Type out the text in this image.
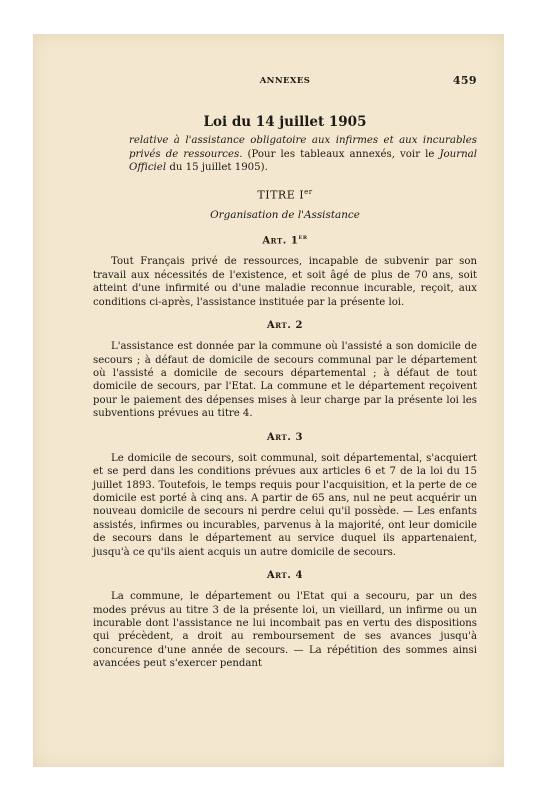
ANNEXES	459
Loi du 14 juillet 1905
relative à l'assistance obligatoire aux infirmes et aux incurables privés de ressources. (Pour les tableaux annexés, voir le Journal Officiel du 15 juillet 1905).
TITRE Ier
Organisation de l'Assistance
Art. 1er

Tout Français privé de ressources, incapable de subvenir par son travail aux nécessités de l'existence, et soit âgé de plus de 70 ans, soit atteint d'une infirmité ou d'une maladie reconnue incurable, reçoit, aux conditions ci-après, l'assistance instituée par la présente loi.

Art. 2

L'assistance est donnée par la commune où l'assisté a son domicile de secours ; à défaut de domicile de secours communal par le département où l'assisté a domicile de secours départemental ; à défaut de tout domicile de secours, par l'Etat. La commune et le département reçoivent pour le paiement des dépenses mises à leur charge par la présente loi les subventions prévues au titre 4.

Art. 3

Le domicile de secours, soit communal, soit départemental, s'acquiert et se perd dans les conditions prévues aux articles 6 et 7 de la loi du 15 juillet 1893. Toutefois, le temps requis pour l'acquisition, et la perte de ce domicile est porté à cinq ans. A partir de 65 ans, nul ne peut acquérir un nouveau domicile de secours ni perdre celui qu'il possède. — Les enfants assistés, infirmes ou incurables, parvenus à la majorité, ont leur domicile de secours dans le département au service duquel ils appartenaient, jusqu'à ce qu'ils aient acquis un autre domicile de secours.

Art. 4

La commune, le département ou l'Etat qui a secouru, par un des modes prévus au titre 3 de la présente loi, un vieillard, un infirme ou un incurable dont l'assistance ne lui incombait pas en vertu des dispositions qui précèdent, a droit au remboursement de ses avances jusqu'à concurence d'une année de secours. — La répétition des sommes ainsi avancées peut s'exercer pendant
